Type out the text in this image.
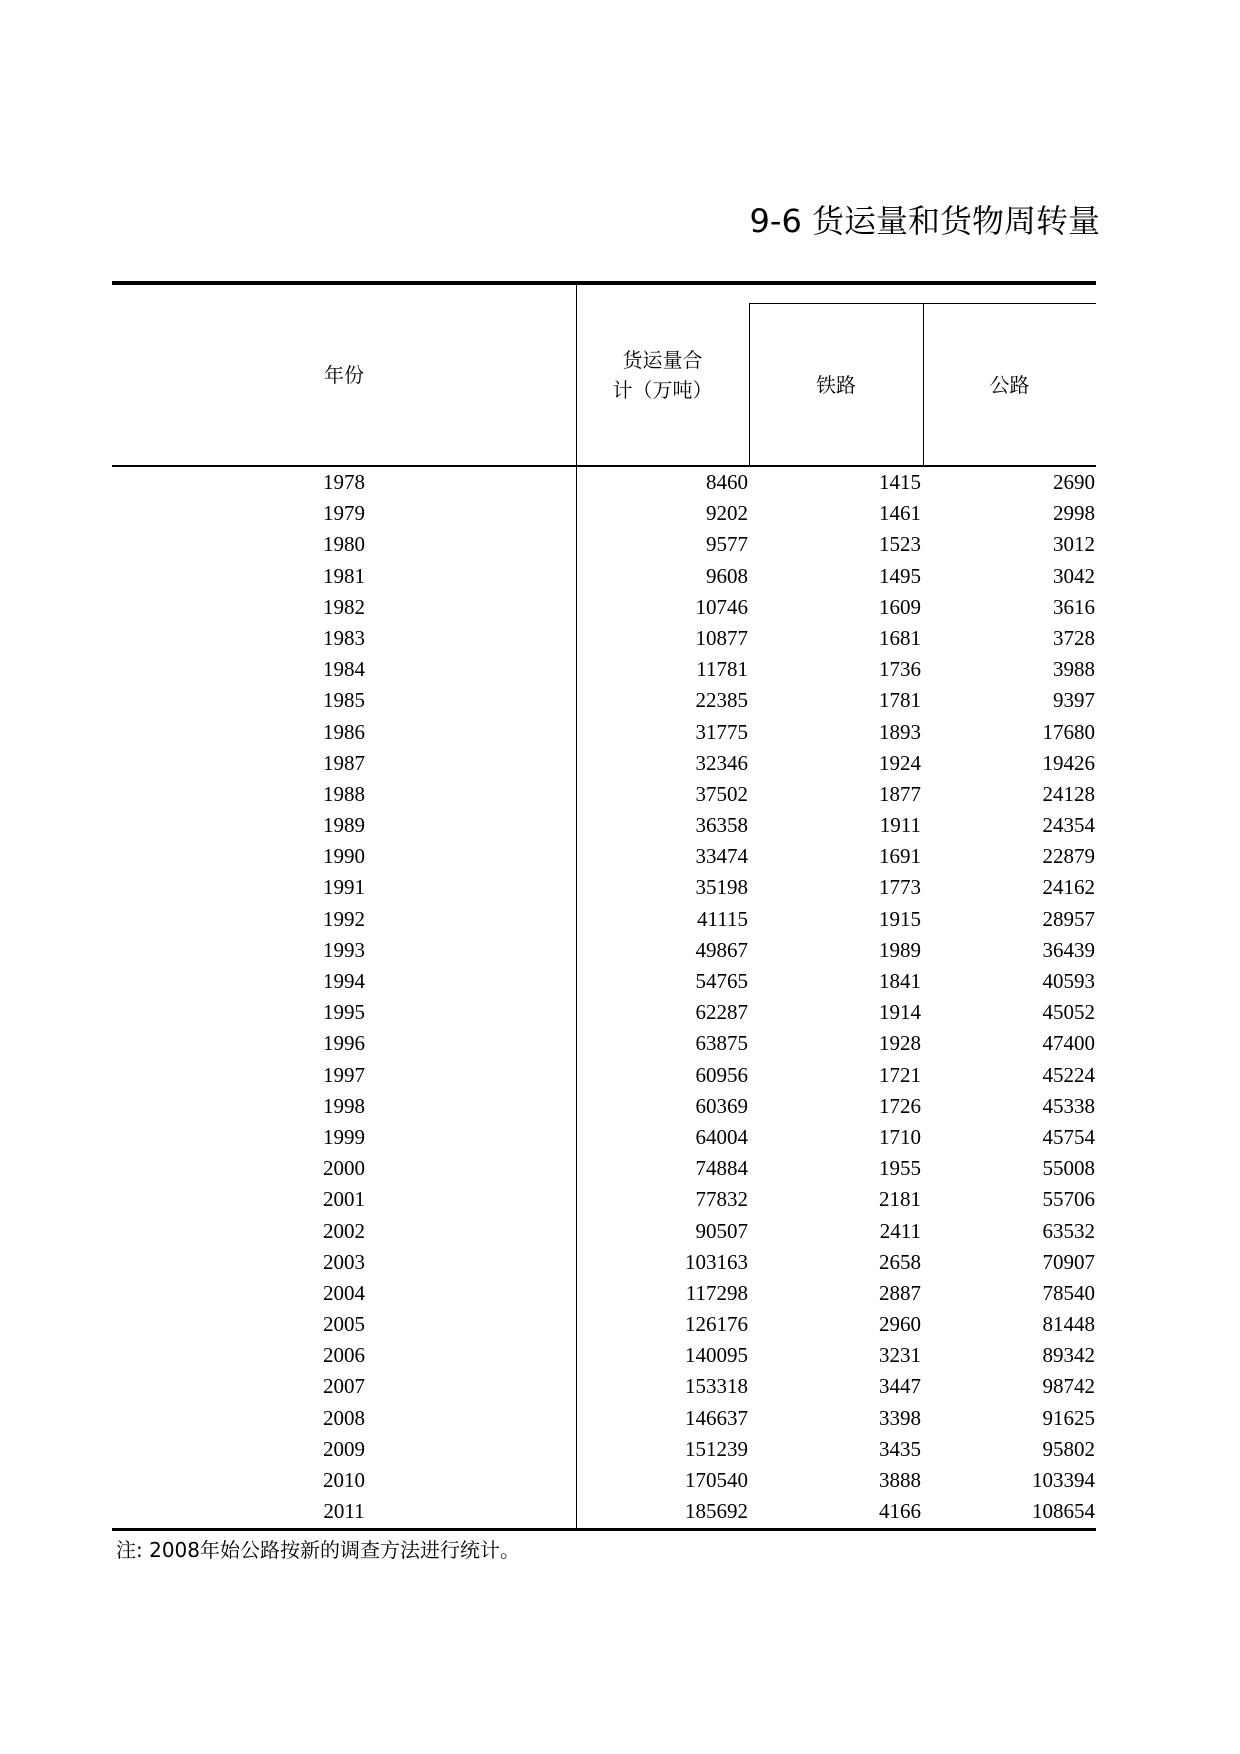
9-6 货运量和货物周转量
年份
货运量合
计（万吨）	铁路	公路
1978	8460	1415	2690
1979	9202	1461	2998
1980	9577	1523	3012
1981	9608	1495	3042
1982	10746	1609	3616
1983	10877	1681	3728
1984	11781	1736	3988
1985	22385	1781	9397
1986	31775	1893	17680
1987	32346	1924	19426
1988	37502	1877	24128
1989	36358	1911	24354
1990	33474	1691	22879
1991	35198	1773	24162
1992	41115	1915	28957
1993	49867	1989	36439
1994	54765	1841	40593
1995	62287	1914	45052
1996	63875	1928	47400
1997	60956	1721	45224
1998	60369	1726	45338
1999	64004	1710	45754
2000	74884	1955	55008
2001	77832	2181	55706
2002	90507	2411	63532
2003	103163	2658	70907
2004	117298	2887	78540
2005	126176	2960	81448
2006	140095	3231	89342
2007	153318	3447	98742
2008	146637	3398	91625
2009	151239	3435	95802
2010	170540	3888	103394
2011	185692	4166	108654
注: 2008年始公路按新的调查方法进行统计。
